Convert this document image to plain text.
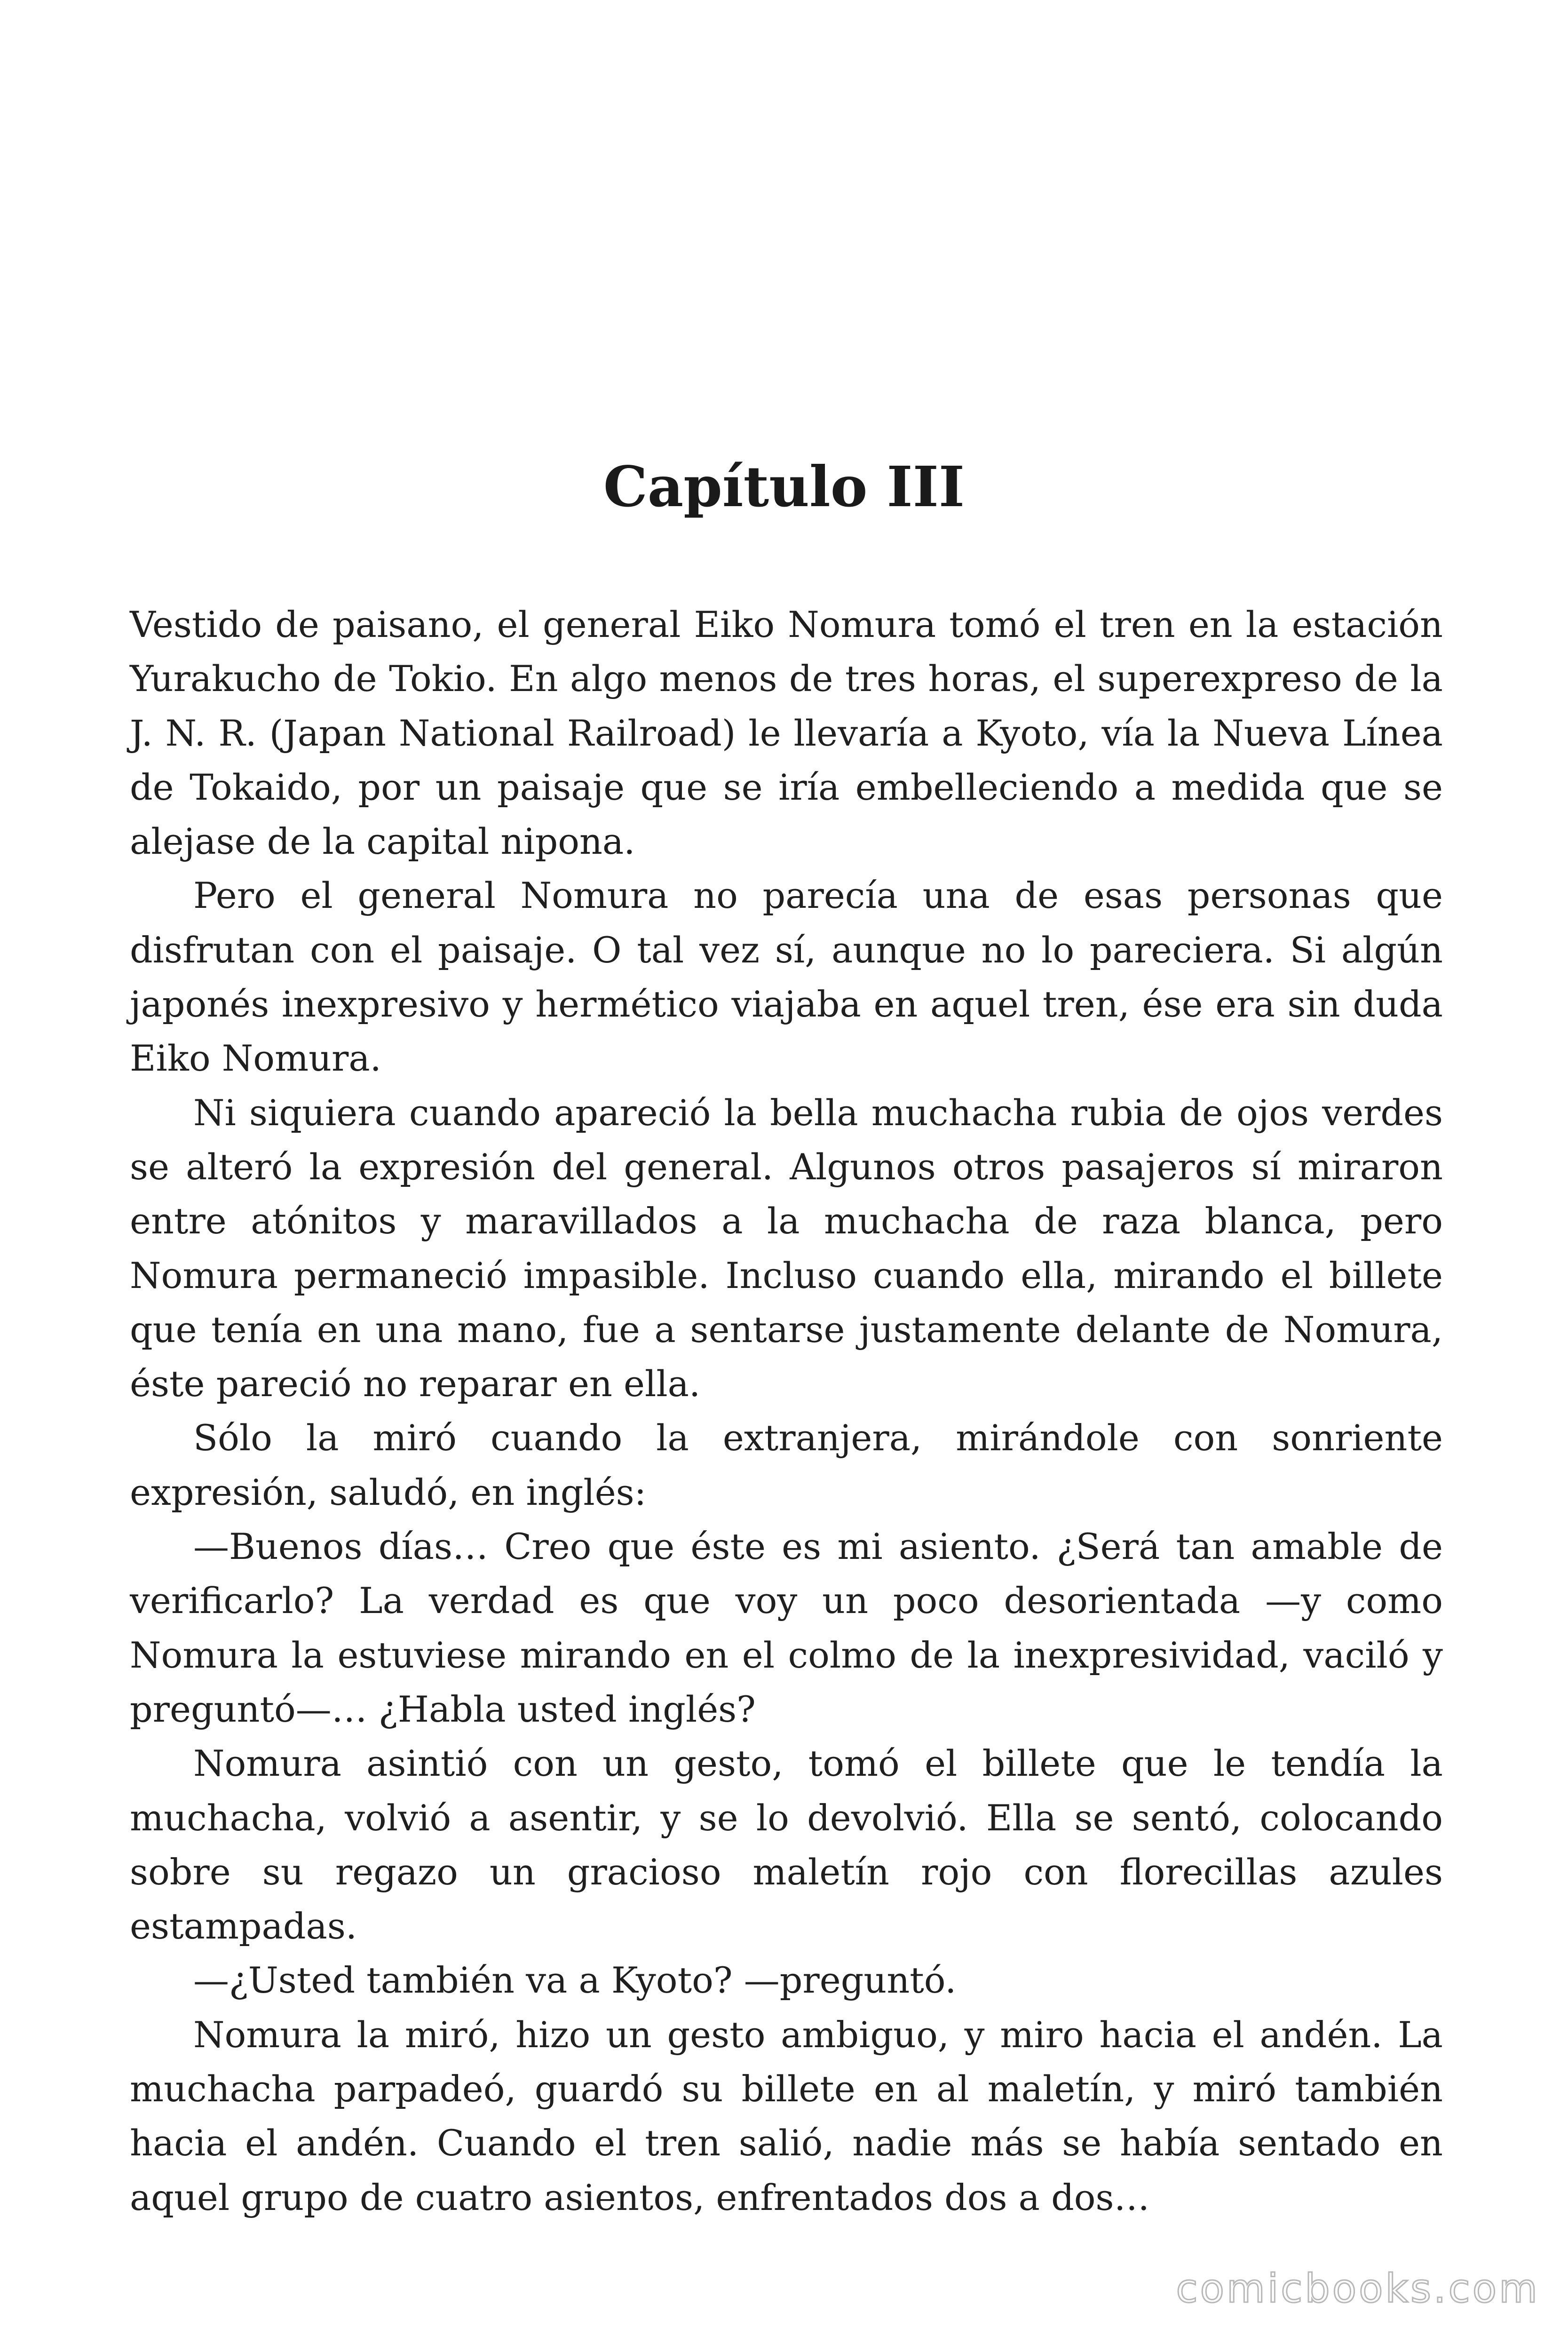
Capítulo III

Vestido de paisano, el general Eiko Nomura tomó el tren en la estación Yurakucho de Tokio. En algo menos de tres horas, el superexpreso de la J. N. R. (Japan National Railroad) le llevaría a Kyoto, vía la Nueva Línea de Tokaido, por un paisaje que se iría embelleciendo a medida que se alejase de la capital nipona.

Pero el general Nomura no parecía una de esas personas que disfrutan con el paisaje. O tal vez sí, aunque no lo pareciera. Si algún japonés inexpresivo y hermético viajaba en aquel tren, ése era sin duda Eiko Nomura.

Ni siquiera cuando apareció la bella muchacha rubia de ojos verdes se alteró la expresión del general. Algunos otros pasajeros sí miraron entre atónitos y maravillados a la muchacha de raza blanca, pero Nomura permaneció impasible. Incluso cuando ella, mirando el billete que tenía en una mano, fue a sentarse justamente delante de Nomura, éste pareció no reparar en ella.

Sólo la miró cuando la extranjera, mirándole con sonriente expresión, saludó, en inglés:

—Buenos días… Creo que éste es mi asiento. ¿Será tan amable de verificarlo? La verdad es que voy un poco desorientada —y como Nomura la estuviese mirando en el colmo de la inexpresividad, vaciló y preguntó—… ¿Habla usted inglés?

Nomura asintió con un gesto, tomó el billete que le tendía la muchacha, volvió a asentir, y se lo devolvió. Ella se sentó, colocando sobre su regazo un gracioso maletín rojo con florecillas azules estampadas.

—¿Usted también va a Kyoto? —preguntó.

Nomura la miró, hizo un gesto ambiguo, y miro hacia el andén. La muchacha parpadeó, guardó su billete en al maletín, y miró también hacia el andén. Cuando el tren salió, nadie más se había sentado en aquel grupo de cuatro asientos, enfrentados dos a dos…

comicbooks.com
